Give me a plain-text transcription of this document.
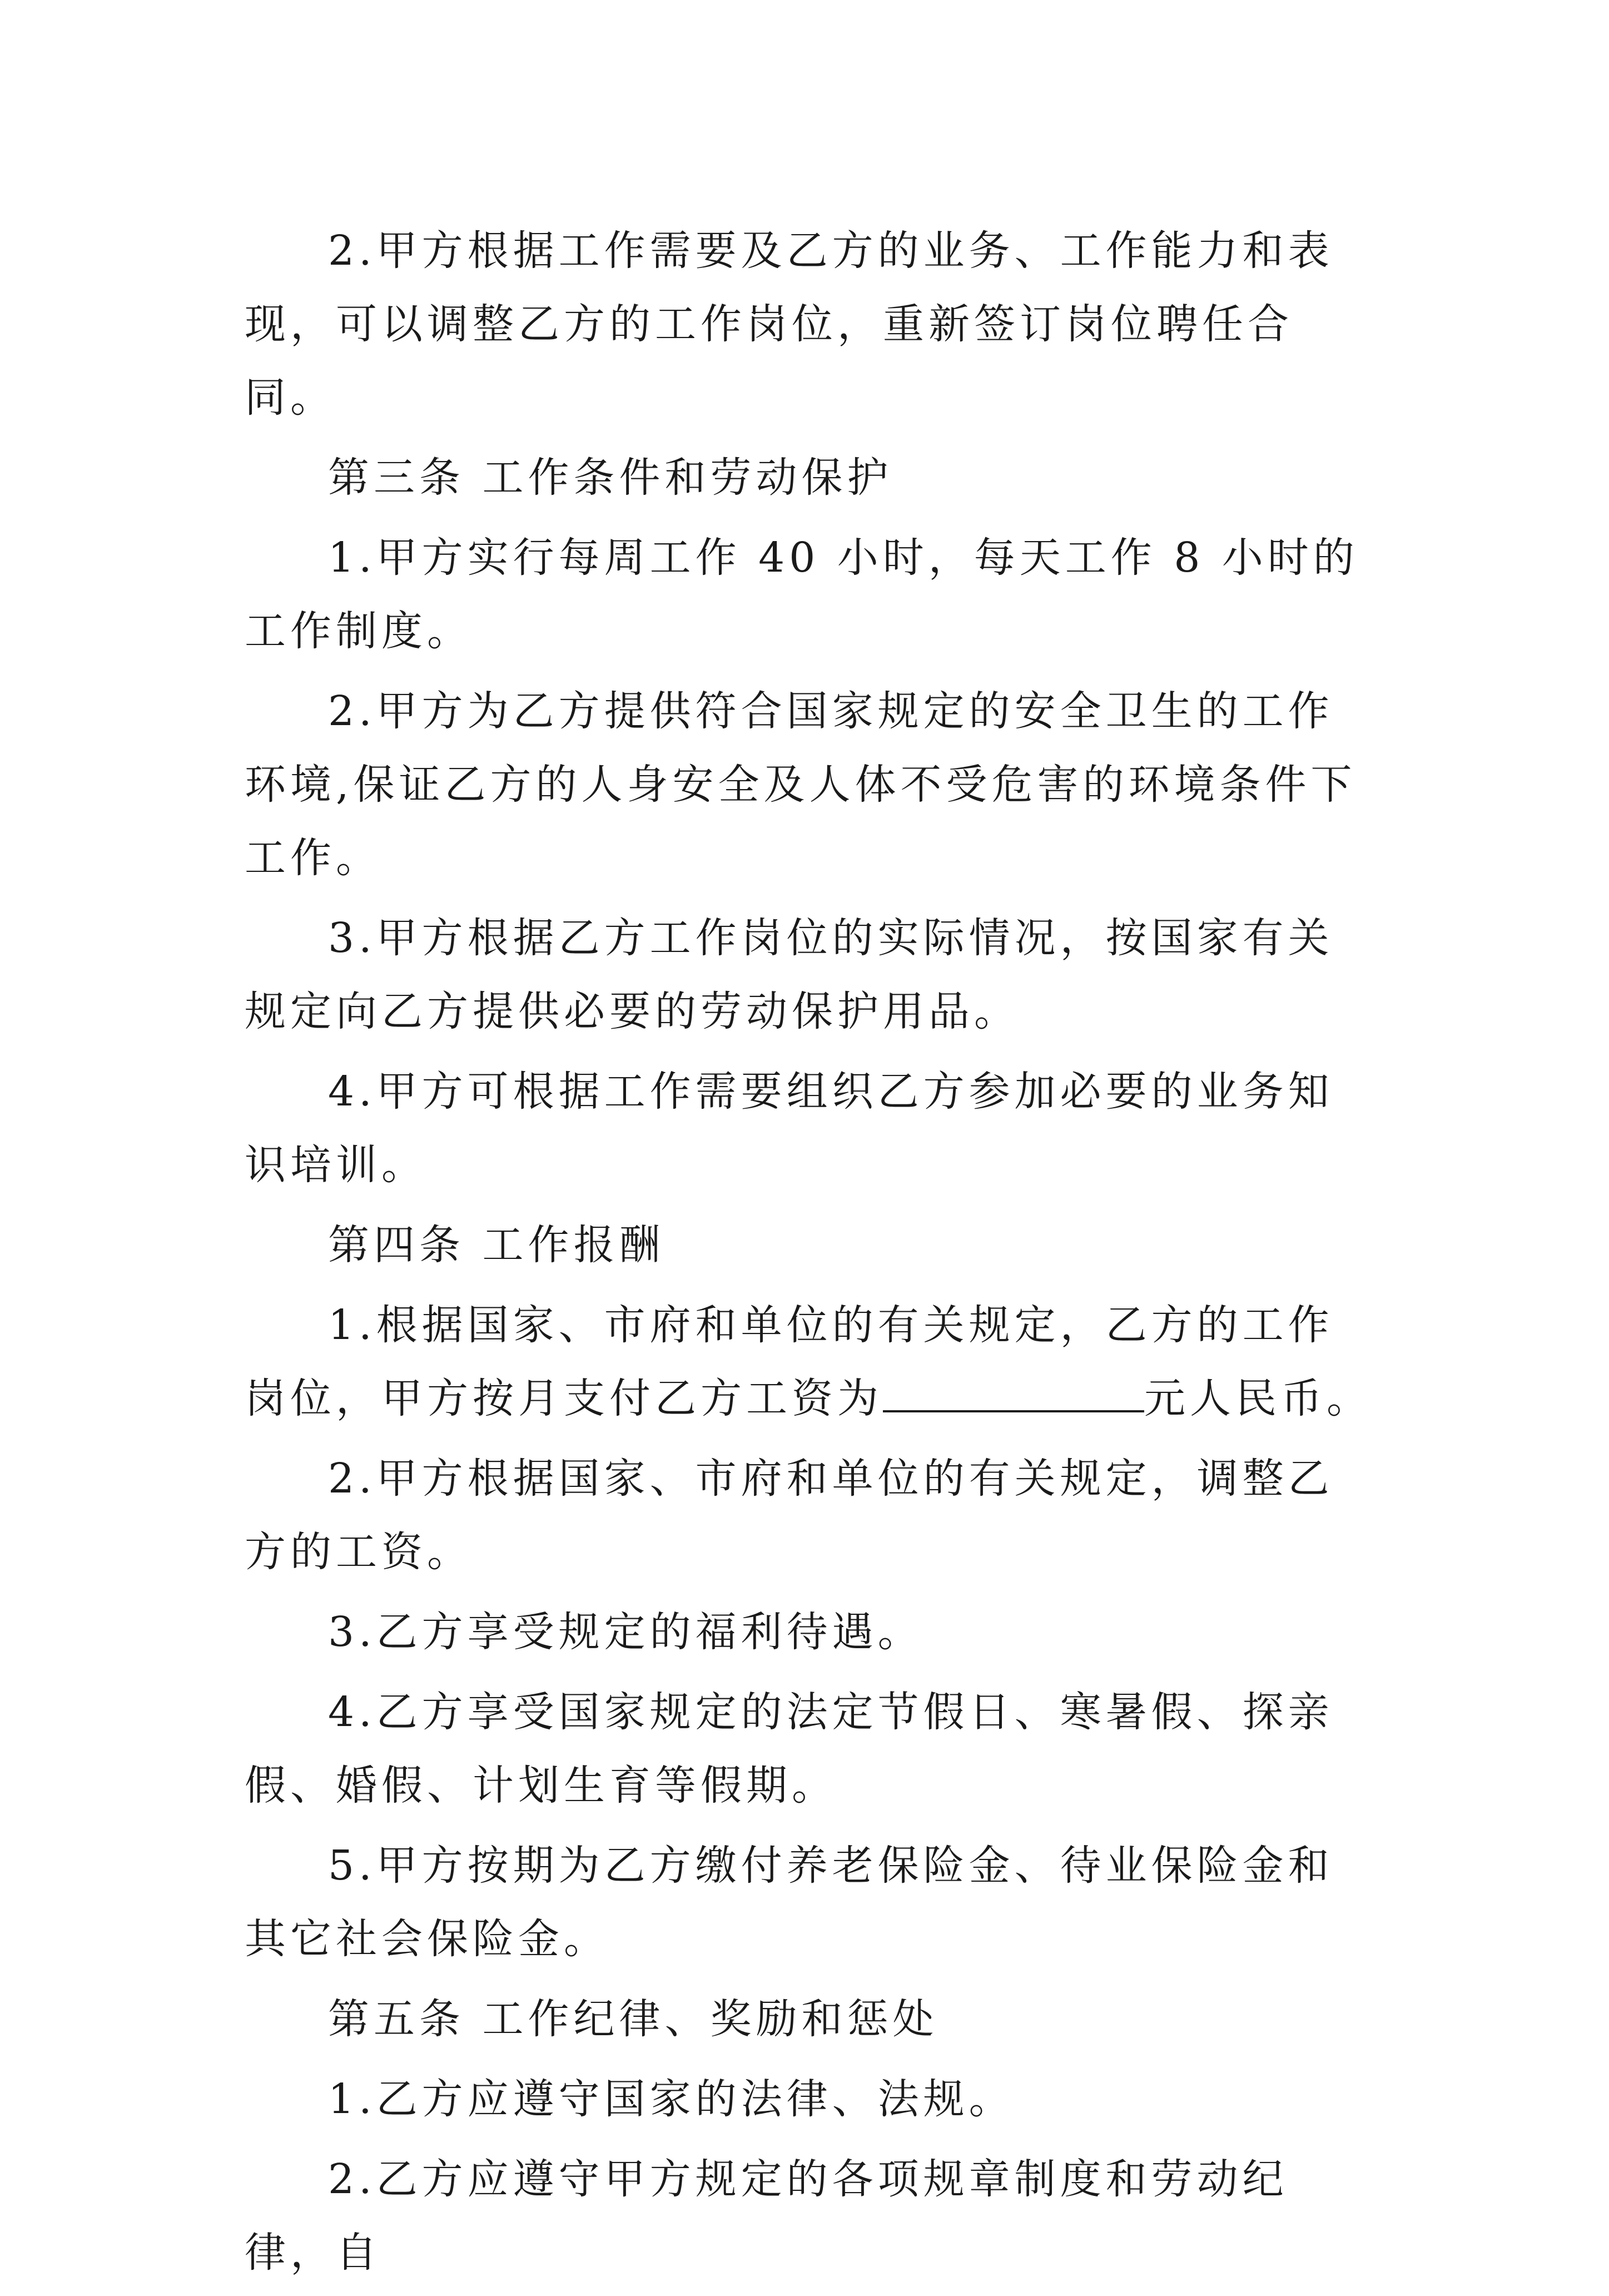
2.甲方根据工作需要及乙方的业务、工作能力和表现，可以调整乙方的工作岗位，重新签订岗位聘任合同。

第三条 工作条件和劳动保护

1.甲方实行每周工作 40 小时，每天工作 8 小时的工作制度。

2.甲方为乙方提供符合国家规定的安全卫生的工作环境,保证乙方的人身安全及人体不受危害的环境条件下工作。

3.甲方根据乙方工作岗位的实际情况，按国家有关规定向乙方提供必要的劳动保护用品。

4.甲方可根据工作需要组织乙方参加必要的业务知识培训。

第四条 工作报酬

1.根据国家、市府和单位的有关规定，乙方的工作岗位，甲方按月支付乙方工资为	元人民币。

2.甲方根据国家、市府和单位的有关规定，调整乙方的工资。

3.乙方享受规定的福利待遇。

4.乙方享受国家规定的法定节假日、寒暑假、探亲假、婚假、计划生育等假期。

5.甲方按期为乙方缴付养老保险金、待业保险金和其它社会保险金。

第五条 工作纪律、奖励和惩处

1.乙方应遵守国家的法律、法规。

2.乙方应遵守甲方规定的各项规章制度和劳动纪律，自
